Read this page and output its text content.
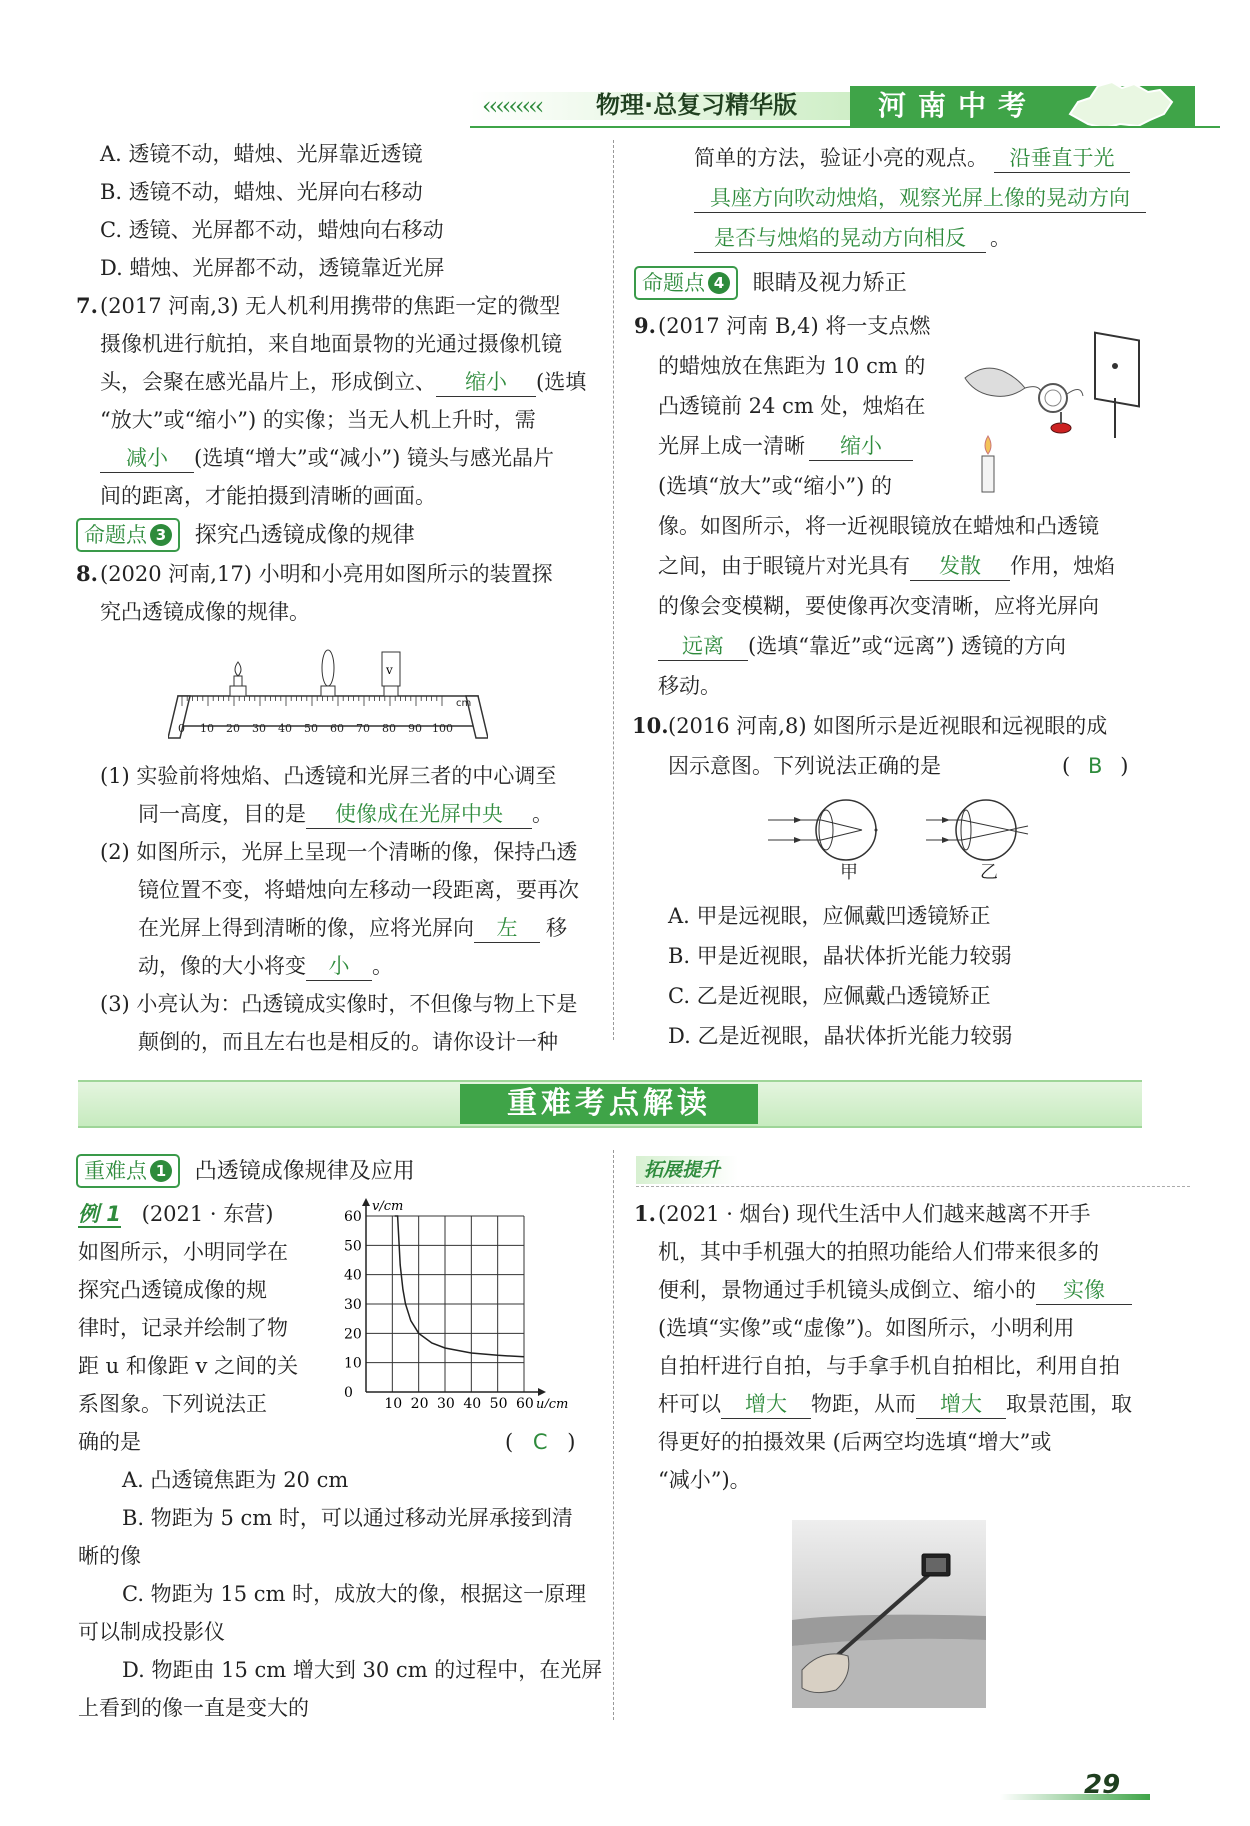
‹‹‹‹‹‹‹‹‹ 物理·总复习精华版	河南中考
A. 透镜不动，蜡烛、光屏靠近透镜
B. 透镜不动，蜡烛、光屏向右移动
C. 透镜、光屏都不动，蜡烛向右移动
D. 蜡烛、光屏都不动，透镜靠近光屏
7. (2017 河南,3) 无人机利用携带的焦距一定的微型
摄像机进行航拍，来自地面景物的光通过摄像机镜
头，会聚在感光晶片上，形成倒立、 缩小 (选填
“放大”或“缩小”) 的实像；当无人机上升时，需
减小 (选填“增大”或“减小”) 镜头与感光晶片
间的距离，才能拍摄到清晰的画面。
命题点 3 探究凸透镜成像的规律
8. (2020 河南,17) 小明和小亮用如图所示的装置探
究凸透镜成像的规律。
v
cm
0 10 20 30 40 50 60 70 80 90 100
(1) 实验前将烛焰、凸透镜和光屏三者的中心调至
同一高度，目的是 使像成在光屏中央 。
(2) 如图所示，光屏上呈现一个清晰的像，保持凸透
镜位置不变，将蜡烛向左移动一段距离，要再次
在光屏上得到清晰的像，应将光屏向 左 移
动，像的大小将变 小 。
(3) 小亮认为：凸透镜成实像时，不但像与物上下是
颠倒的，而且左右也是相反的。请你设计一种
简单的方法，验证小亮的观点。 沿垂直于光
具座方向吹动烛焰，观察光屏上像的晃动方向
是否与烛焰的晃动方向相反 。
命题点 4 眼睛及视力矫正
9. (2017 河南 B,4) 将一支点燃
的蜡烛放在焦距为 10 cm 的
凸透镜前 24 cm 处，烛焰在
光屏上成一清晰 缩小
(选填“放大”或“缩小”) 的
像。如图所示，将一近视眼镜放在蜡烛和凸透镜
之间，由于眼镜片对光具有 发散 作用，烛焰
的像会变模糊，要使像再次变清晰，应将光屏向
远离 (选填“靠近”或“远离”) 透镜的方向
移动。
10. (2016 河南,8) 如图所示是近视眼和远视眼的成
因示意图。下列说法正确的是	( B )
甲	乙
A. 甲是远视眼，应佩戴凹透镜矫正
B. 甲是近视眼，晶状体折光能力较弱
C. 乙是近视眼，应佩戴凸透镜矫正
D. 乙是近视眼，晶状体折光能力较弱
重难考点解读
重难点 1 凸透镜成像规律及应用
例 1 (2021 · 东营)
如图所示，小明同学在
探究凸透镜成像的规
律时，记录并绘制了物
距 u 和像距 v 之间的关
系图象。下列说法正
确的是	( C )
10 20 30 40 50 60
0
10
20
30
40
50
60
u/cm
v/cm
A. 凸透镜焦距为 20 cm
B. 物距为 5 cm 时，可以通过移动光屏承接到清
晰的像
C. 物距为 15 cm 时，成放大的像，根据这一原理
可以制成投影仪
D. 物距由 15 cm 增大到 30 cm 的过程中，在光屏
上看到的像一直是变大的
拓展提升
1. (2021 · 烟台) 现代生活中人们越来越离不开手
机，其中手机强大的拍照功能给人们带来很多的
便利，景物通过手机镜头成倒立、缩小的 实像
(选填“实像”或“虚像”)。如图所示，小明利用
自拍杆进行自拍，与手拿手机自拍相比，利用自拍
杆可以 增大 物距，从而 增大 取景范围，取
得更好的拍摄效果 (后两空均选填“增大”或
“减小”)。
29
